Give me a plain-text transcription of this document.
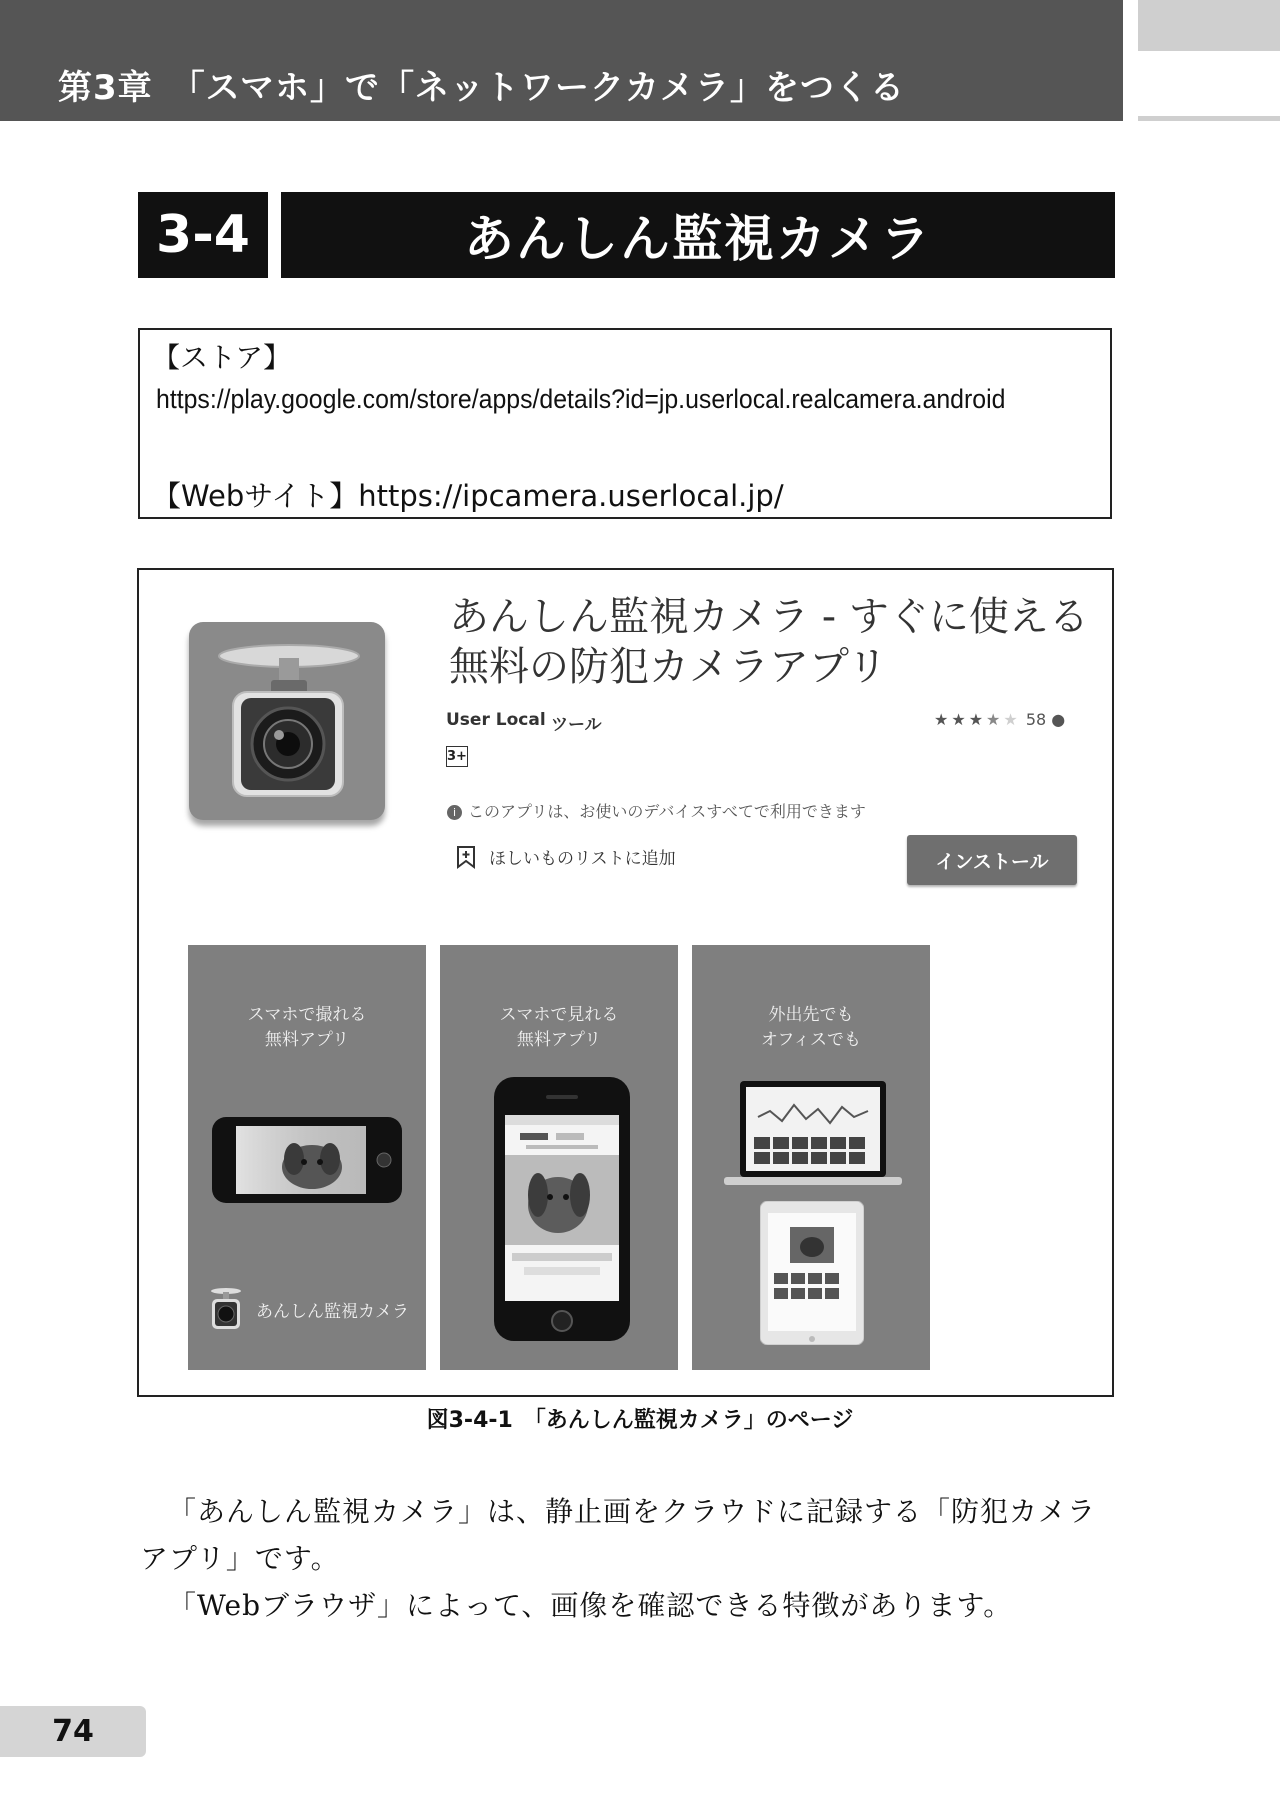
第3章　「スマホ」で「ネットワークカメラ」をつくる
3-4	あんしん監視カメラ
【ストア】
https://play.google.com/store/apps/details?id=jp.userlocal.realcamera.android
【Webサイト】https://ipcamera.userlocal.jp/
あんしん監視カメラ - すぐに使える無料の防犯カメラアプリ
User Local ツール	★ ★ ★ ★ ★ 58 ●
3+
i このアプリは、お使いのデバイスすべてで利用できます
ほしいものリストに追加	インストール
スマホで撮れる
無料アプリ
あんしん監視カメラ
スマホで見れる
無料アプリ
外出先でも
オフィスでも
図3-4-1　「あんしん監視カメラ」のページ

「あんしん監視カメラ」は、静止画をクラウドに記録する「防犯カメラアプリ」です。

「Webブラウザ」によって、画像を確認できる特徴があります。

74
